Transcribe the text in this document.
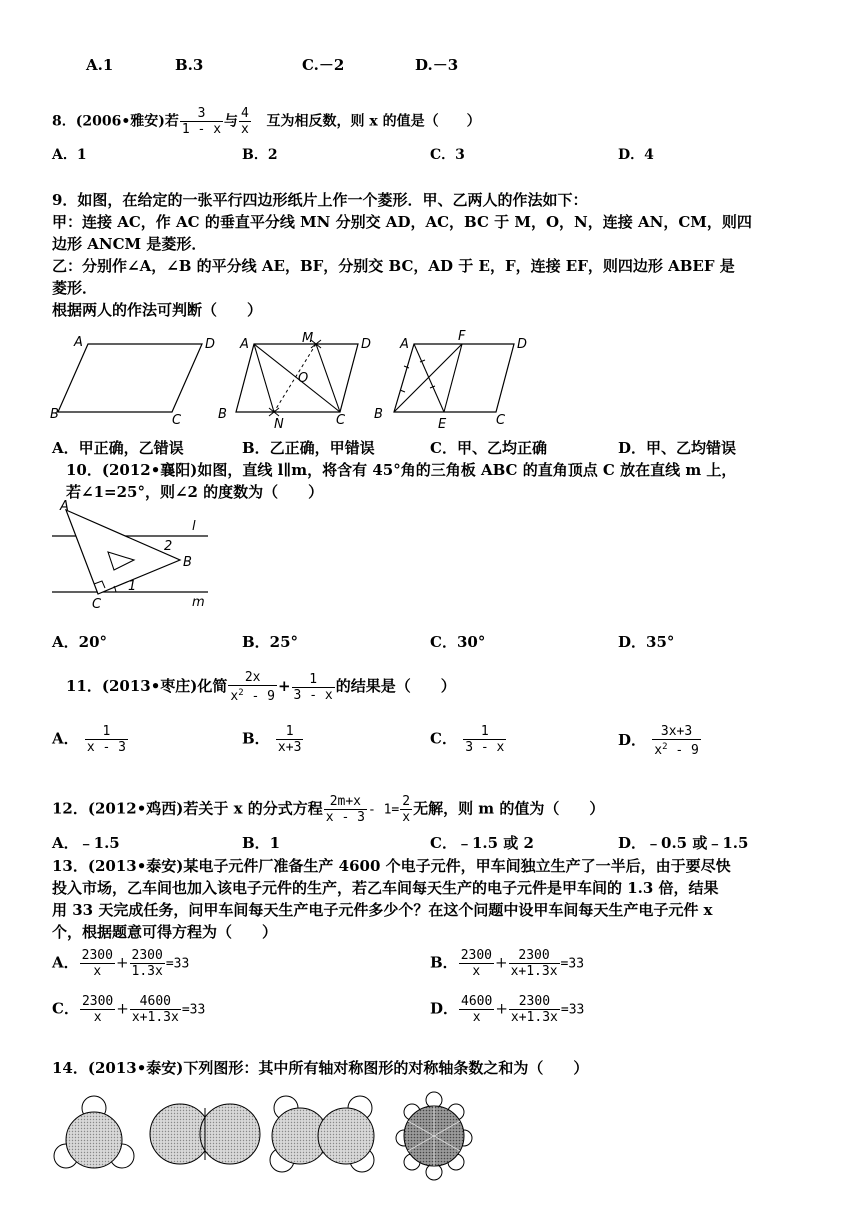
A.1	B.3	C.－2	D.－3
8．(2006•雅安)若 $\frac{3}{1 - x}$ 与 $\frac{4}{x}$ 互为相反数，则 x 的值是（　　）
A．1	B．2	C．3	D．4
9．如图，在给定的一张平行四边形纸片上作一个菱形．甲、乙两人的作法如下：
甲：连接 AC，作 AC 的垂直平分线 MN 分别交 AD，AC，BC 于 M，O，N，连接 AN，CM，则四
边形 ANCM 是菱形．
乙：分别作∠A，∠B 的平分线 AE，BF，分别交 BC，AD 于 E，F，连接 EF，则四边形 ABEF 是
菱形．
根据两人的作法可判断（　　）
A	D
B	C
A	M	D
O
B
N	C
A
F
D
B
E	C
A．甲正确，乙错误	B．乙正确，甲错误	C．甲、乙均正确	D．甲、乙均错误
10．(2012•襄阳)如图，直线 l∥m，将含有 45°角的三角板 ABC 的直角顶点 C 放在直线 m 上，
若∠1=25°，则∠2 的度数为（　　）
A
l
2
B
1
C	m
A．20°	B．25°	C．30°	D．35°
11．(2013•枣庄)化简 $\frac{2x}{x^2 - 9} + \frac{1}{3 - x}$ 的结果是（　　）
A． $\frac{1}{x - 3}$	B． $\frac{1}{x+3}$	C． $\frac{1}{3 - x}$	D． $\frac{3x+3}{x^2 - 9}$
12．(2012•鸡西)若关于 x 的分式方程 $\frac{2m+x}{x - 3} - 1= \frac{2}{x}$ 无解，则 m 的值为（　　）
A．﹣1.5	B．1	C．﹣1.5 或 2	D．﹣0.5 或﹣1.5
13．(2013•泰安)某电子元件厂准备生产 4600 个电子元件，甲车间独立生产了一半后，由于要尽快
投入市场，乙车间也加入该电子元件的生产，若乙车间每天生产的电子元件是甲车间的 1.3 倍，结果
用 33 天完成任务，问甲车间每天生产电子元件多少个？在这个问题中设甲车间每天生产电子元件 x
个，根据题意可得方程为（　　）
A． $\frac{2300}{x} + \frac{2300}{1.3x} =33$	B． $\frac{2300}{x} + \frac{2300}{x+1.3x} =33$
C． $\frac{2300}{x} + \frac{4600}{x+1.3x} =33$	D． $\frac{4600}{x} + \frac{2300}{x+1.3x} =33$
14．(2013•泰安)下列图形：其中所有轴对称图形的对称轴条数之和为（　　）
